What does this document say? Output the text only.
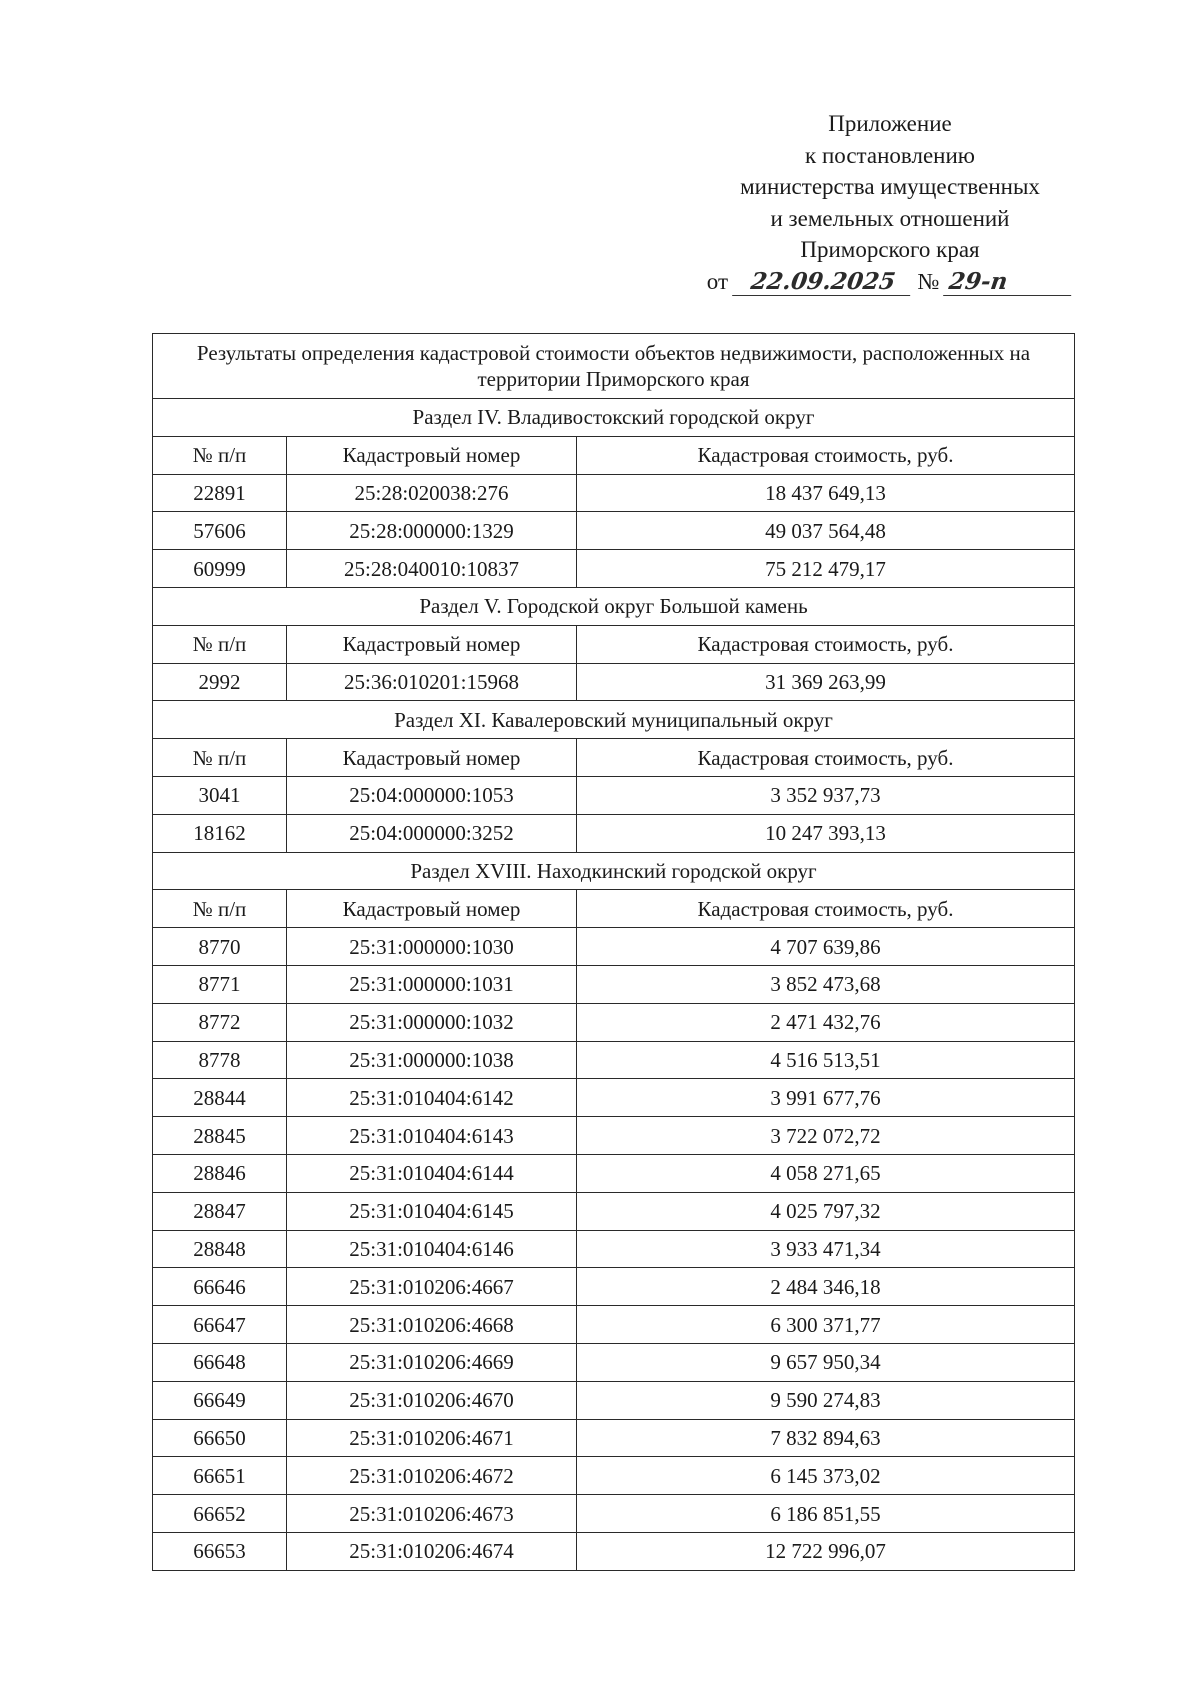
Приложение
к постановлению
министерства имущественных
и земельных отношений
Приморского края
от 22.09.2025 № 29-п
Результаты определения кадастровой стоимости объектов недвижимости, расположенных на территории Приморского края		
Раздел IV. Владивостокский городской округ		
№ п/п	Кадастровый номер	Кадастровая стоимость, руб.
22891	25:28:020038:276	18 437 649,13
57606	25:28:000000:1329	49 037 564,48
60999	25:28:040010:10837	75 212 479,17
Раздел V. Городской округ Большой камень		
№ п/п	Кадастровый номер	Кадастровая стоимость, руб.
2992	25:36:010201:15968	31 369 263,99
Раздел XI. Кавалеровский муниципальный округ		
№ п/п	Кадастровый номер	Кадастровая стоимость, руб.
3041	25:04:000000:1053	3 352 937,73
18162	25:04:000000:3252	10 247 393,13
Раздел XVIII. Находкинский городской округ		
№ п/п	Кадастровый номер	Кадастровая стоимость, руб.
8770	25:31:000000:1030	4 707 639,86
8771	25:31:000000:1031	3 852 473,68
8772	25:31:000000:1032	2 471 432,76
8778	25:31:000000:1038	4 516 513,51
28844	25:31:010404:6142	3 991 677,76
28845	25:31:010404:6143	3 722 072,72
28846	25:31:010404:6144	4 058 271,65
28847	25:31:010404:6145	4 025 797,32
28848	25:31:010404:6146	3 933 471,34
66646	25:31:010206:4667	2 484 346,18
66647	25:31:010206:4668	6 300 371,77
66648	25:31:010206:4669	9 657 950,34
66649	25:31:010206:4670	9 590 274,83
66650	25:31:010206:4671	7 832 894,63
66651	25:31:010206:4672	6 145 373,02
66652	25:31:010206:4673	6 186 851,55
66653	25:31:010206:4674	12 722 996,07
